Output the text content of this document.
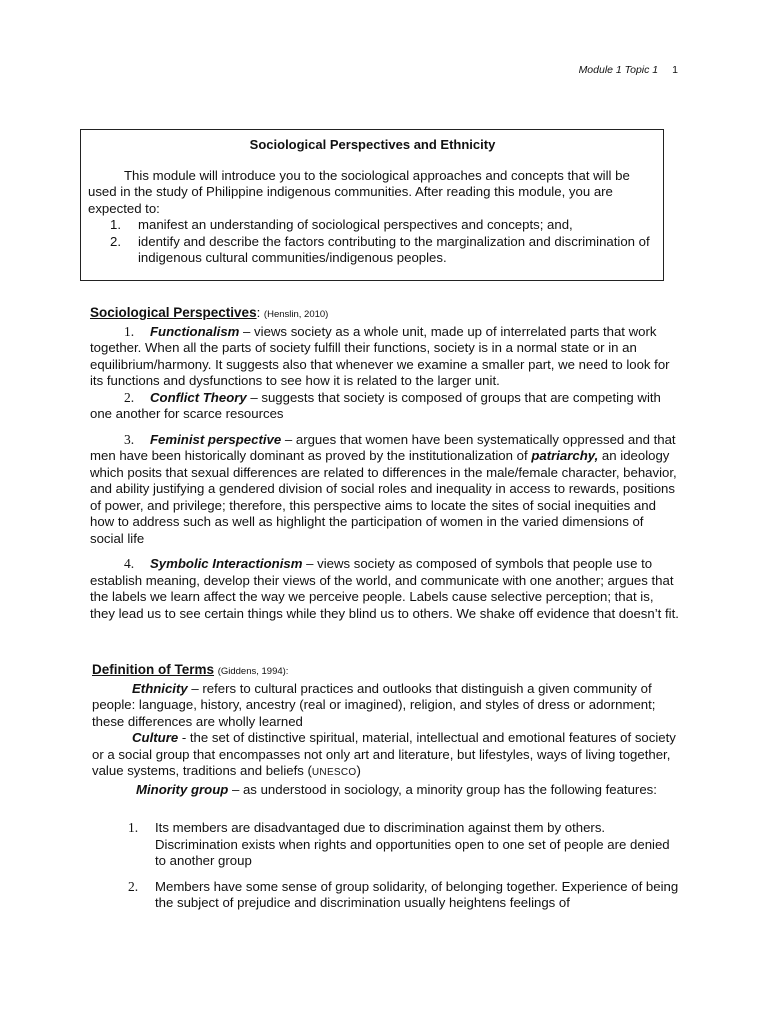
Module 1 Topic 1 1
Sociological Perspectives and Ethnicity

This module will introduce you to the sociological approaches and concepts that will be used in the study of Philippine indigenous communities. After reading this module, you are expected to:

1.	manifest an understanding of sociological perspectives and concepts; and,
2.	identify and describe the factors contributing to the marginalization and discrimination of indigenous cultural communities/indigenous peoples.
Sociological Perspectives: (Henslin, 2010)

1. Functionalism – views society as a whole unit, made up of interrelated parts that work together. When all the parts of society fulfill their functions, society is in a normal state or in an equilibrium/harmony. It suggests also that whenever we examine a smaller part, we need to look for its functions and dysfunctions to see how it is related to the larger unit.

2. Conflict Theory – suggests that society is composed of groups that are competing with one another for scarce resources

3. Feminist perspective – argues that women have been systematically oppressed and that men have been historically dominant as proved by the institutionalization of patriarchy, an ideology which posits that sexual differences are related to differences in the male/female character, behavior, and ability justifying a gendered division of social roles and inequality in access to rewards, positions of power, and privilege; therefore, this perspective aims to locate the sites of social inequities and how to address such as well as highlight the participation of women in the varied dimensions of social life

4. Symbolic Interactionism – views society as composed of symbols that people use to establish meaning, develop their views of the world, and communicate with one another; argues that the labels we learn affect the way we perceive people. Labels cause selective perception; that is, they lead us to see certain things while they blind us to others. We shake off evidence that doesn’t fit.

Definition of Terms (Giddens, 1994):

Ethnicity – refers to cultural practices and outlooks that distinguish a given community of people: language, history, ancestry (real or imagined), religion, and styles of dress or adornment; these differences are wholly learned

Culture - the set of distinctive spiritual, material, intellectual and emotional features of society or a social group that encompasses not only art and literature, but lifestyles, ways of living together, value systems, traditions and beliefs (UNESCO)

Minority group – as understood in sociology, a minority group has the following features:

1.	Its members are disadvantaged due to discrimination against them by others. Discrimination exists when rights and opportunities open to one set of people are denied to another group
2.	Members have some sense of group solidarity, of belonging together. Experience of being the subject of prejudice and discrimination usually heightens feelings of
